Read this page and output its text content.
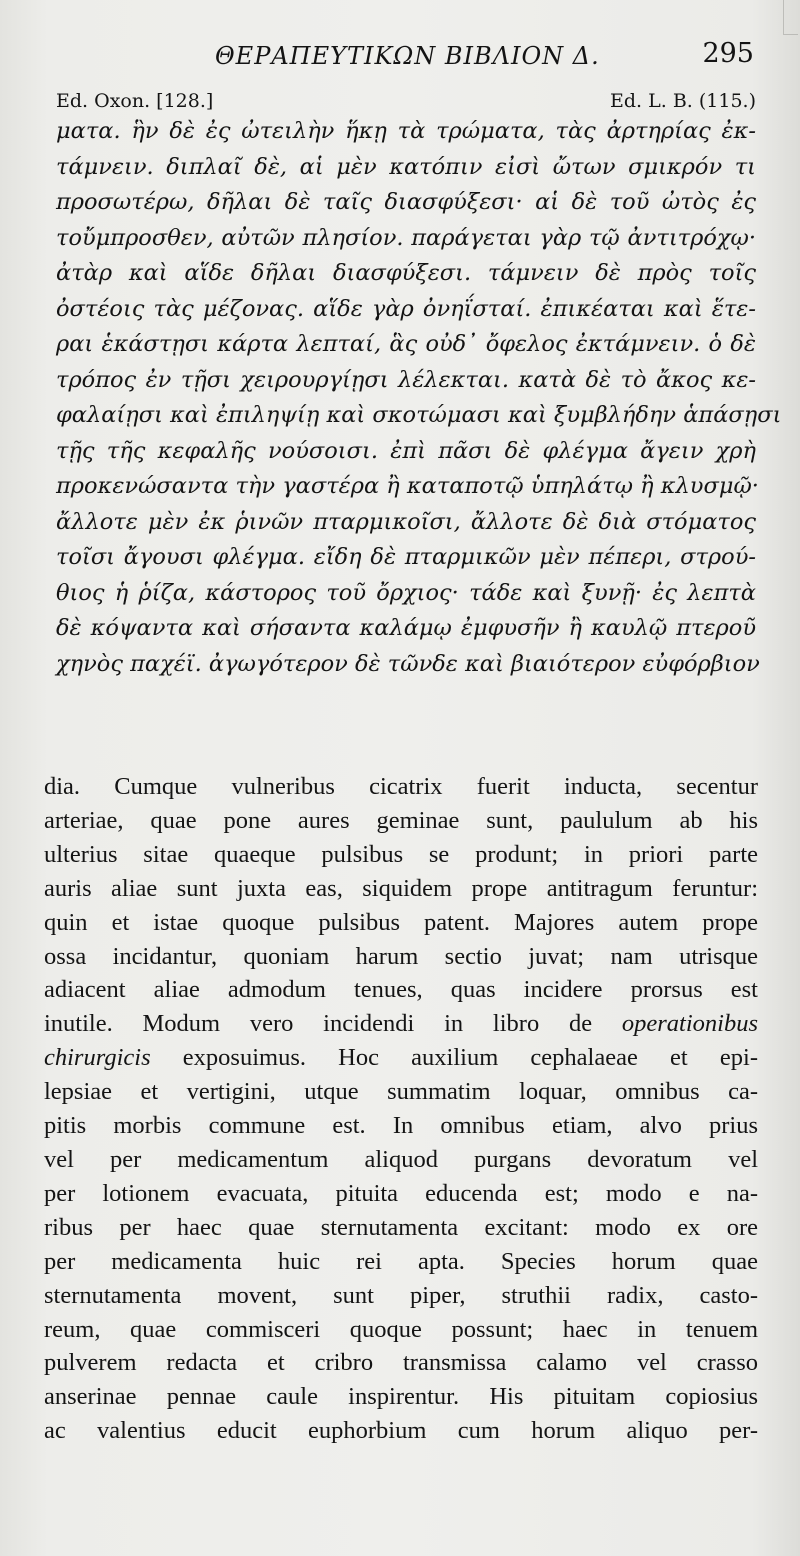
ΘΕΡΑΠΕΥΤΙΚΩΝ ΒΙΒΛΙΟΝ Δ.	295
Ed. Oxon. [128.]	Ed. L. B. (115.)
ματα. ἣν δὲ ἐς ὠτειλὴν ἥκῃ τὰ τρώματα, τὰς ἀρτηρίας ἐκ-
τάμνειν. διπλαῖ δὲ, αἱ μὲν κατόπιν εἰσὶ ὤτων σμικρόν τι
προσωτέρω, δῆλαι δὲ ταῖς διασφύξεσι· αἱ δὲ τοῦ ὠτὸς ἐς
τοὔμπροσθεν, αὐτῶν πλησίον. παράγεται γὰρ τῷ ἀντιτρόχῳ·
ἀτὰρ καὶ αἵδε δῆλαι διασφύξεσι. τάμνειν δὲ πρὸς τοῖς
ὀστέοις τὰς μέζονας. αἵδε γὰρ ὀνηΐσταί. ἐπικέαται καὶ ἕτε-
ραι ἑκάστῃσι κάρτα λεπταί, ἃς οὐδ᾽ ὄφελος ἐκτάμνειν. ὁ δὲ
τρόπος ἐν τῇσι χειρουργίῃσι λέλεκται. κατὰ δὲ τὸ ἄκος κε-
φαλαίῃσι καὶ ἐπιληψίῃ καὶ σκοτώμασι καὶ ξυμβλήδην ἁπάσῃσι
τῇς τῆς κεφαλῆς νούσοισι. ἐπὶ πᾶσι δὲ φλέγμα ἄγειν χρὴ
προκενώσαντα τὴν γαστέρα ἢ καταποτῷ ὑπηλάτῳ ἢ κλυσμῷ·
ἄλλοτε μὲν ἐκ ῥινῶν πταρμικοῖσι, ἄλλοτε δὲ διὰ στόματος
τοῖσι ἄγουσι φλέγμα. εἴδη δὲ πταρμικῶν μὲν πέπερι, στρού-
θιος ἡ ῥίζα, κάστορος τοῦ ὄρχιος· τάδε καὶ ξυνῇ· ἐς λεπτὰ
δὲ κόψαντα καὶ σήσαντα καλάμῳ ἐμφυσῆν ἢ καυλῷ πτεροῦ
χηνὸς παχέϊ. ἀγωγότερον δὲ τῶνδε καὶ βιαιότερον εὐφόρβιον
dia. Cumque vulneribus cicatrix fuerit inducta, secentur
arteriae, quae pone aures geminae sunt, paululum ab his
ulterius sitae quaeque pulsibus se produnt; in priori parte
auris aliae sunt juxta eas, siquidem prope antitragum feruntur:
quin et istae quoque pulsibus patent. Majores autem prope
ossa incidantur, quoniam harum sectio juvat; nam utrisque
adiacent aliae admodum tenues, quas incidere prorsus est
inutile. Modum vero incidendi in libro de operationibus
chirurgicis exposuimus. Hoc auxilium cephalaeae et epi-
lepsiae et vertigini, utque summatim loquar, omnibus ca-
pitis morbis commune est. In omnibus etiam, alvo prius
vel per medicamentum aliquod purgans devoratum vel
per lotionem evacuata, pituita educenda est; modo e na-
ribus per haec quae sternutamenta excitant: modo ex ore
per medicamenta huic rei apta. Species horum quae
sternutamenta movent, sunt piper, struthii radix, casto-
reum, quae commisceri quoque possunt; haec in tenuem
pulverem redacta et cribro transmissa calamo vel crasso
anserinae pennae caule inspirentur. His pituitam copiosius
ac valentius educit euphorbium cum horum aliquo per-
